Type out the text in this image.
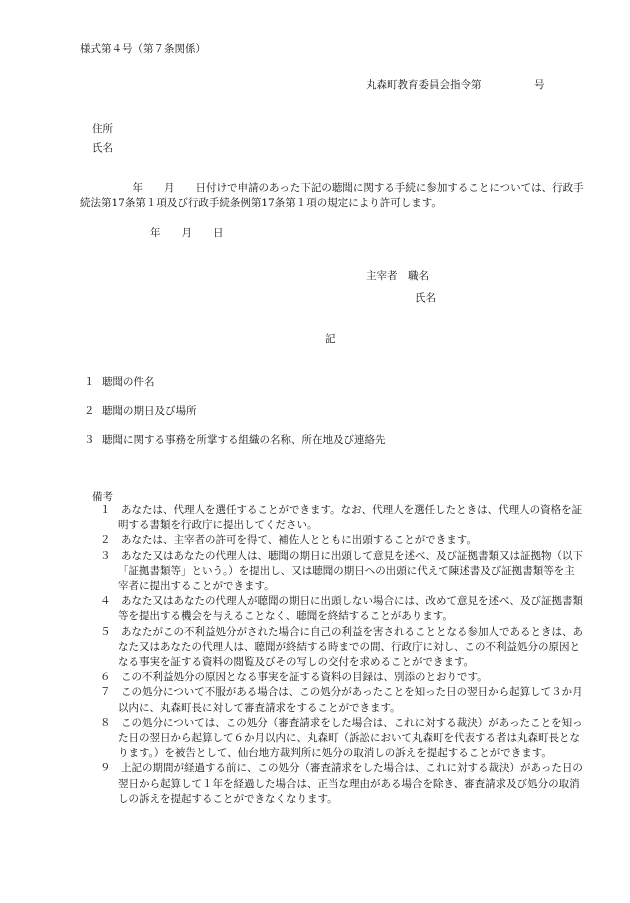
様式第４号（第７条関係）
丸森町教育委員会指令第　　　　　号
住所
氏名
　　　　　年　　月　　日付けで申請のあった下記の聴聞に関する手続に参加することについては、行政手続法第17条第１項及び行政手続条例第17条第１項の規定により許可します。
年　　月　　日
主宰者　職名
氏名
記
１ 聴聞の件名
２ 聴聞の期日及び場所
３ 聴聞に関する事務を所掌する組織の名称、所在地及び連絡先
備考
１　 あなたは、代理人を選任することができます。なお、代理人を選任したときは、代理人の資格を証明する書類を行政庁に提出してください。
２　 あなたは、主宰者の許可を得て、補佐人とともに出頭することができます。
３　 あなた又はあなたの代理人は、聴聞の期日に出頭して意見を述べ、及び証拠書類又は証拠物（以下「証拠書類等」という。）を提出し、又は聴聞の期日への出頭に代えて陳述書及び証拠書類等を主宰者に提出することができます。
４　 あなた又はあなたの代理人が聴聞の期日に出頭しない場合には、改めて意見を述べ、及び証拠書類等を提出する機会を与えることなく、聴聞を終結することがあります。
５　 あなたがこの不利益処分がされた場合に自己の利益を害されることとなる参加人であるときは、あなた又はあなたの代理人は、聴聞が終結する時までの間、行政庁に対し、この不利益処分の原因となる事実を証する資料の閲覧及びその写しの交付を求めることができます。
６　 この不利益処分の原因となる事実を証する資料の目録は、別添のとおりです。
７　 この処分について不服がある場合は、この処分があったことを知った日の翌日から起算して３か月以内に、丸森町長に対して審査請求をすることができます。
８　 この処分については、この処分（審査請求をした場合は、これに対する裁決）があったことを知った日の翌日から起算して６か月以内に、丸森町（訴訟において丸森町を代表する者は丸森町長となります。）を被告として、仙台地方裁判所に処分の取消しの訴えを提起することができます。
９　 上記の期間が経過する前に、この処分（審査請求をした場合は、これに対する裁決）があった日の翌日から起算して１年を経過した場合は、正当な理由がある場合を除き、審査請求及び処分の取消しの訴えを提起することができなくなります。
